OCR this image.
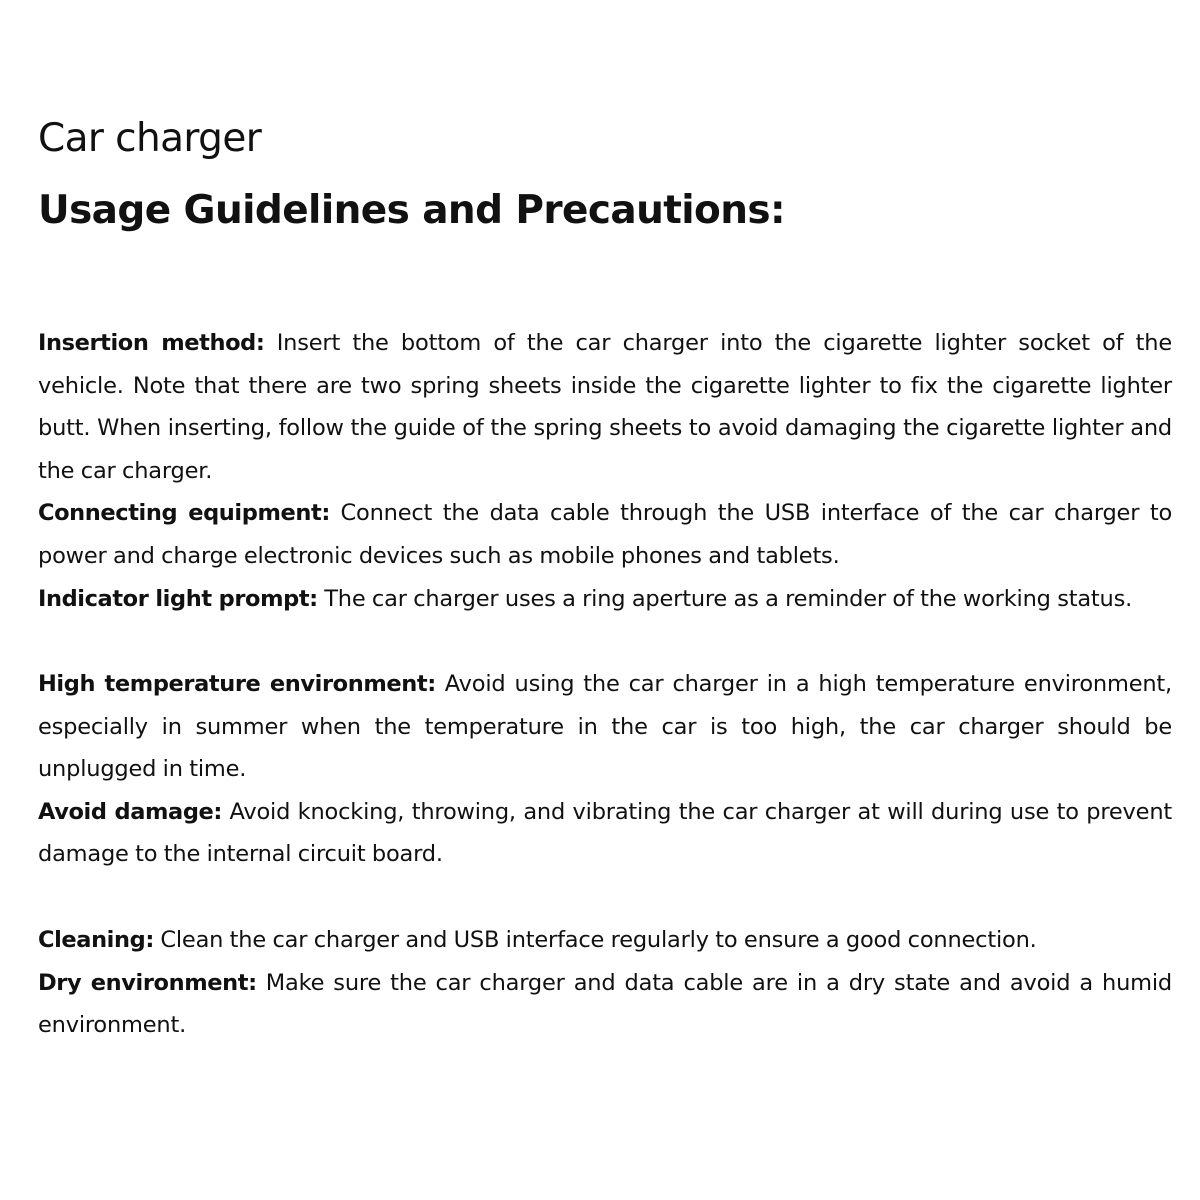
Car charger
Usage Guidelines and Precautions:

Insertion method: Insert the bottom of the car charger into the cigarette lighter socket of the vehicle. Note that there are two spring sheets inside the cigarette lighter to fix the cigarette lighter butt. When inserting, follow the guide of the spring sheets to avoid damaging the cigarette lighter and the car charger.

Connecting equipment: Connect the data cable through the USB interface of the car charger to power and charge electronic devices such as mobile phones and tablets.

Indicator light prompt: The car charger uses a ring aperture as a reminder of the working status.

High temperature environment: Avoid using the car charger in a high temperature environment, especially in summer when the temperature in the car is too high, the car charger should be unplugged in time.

Avoid damage: Avoid knocking, throwing, and vibrating the car charger at will during use to prevent damage to the internal circuit board.

Cleaning: Clean the car charger and USB interface regularly to ensure a good connection.

Dry environment: Make sure the car charger and data cable are in a dry state and avoid a humid environment.
